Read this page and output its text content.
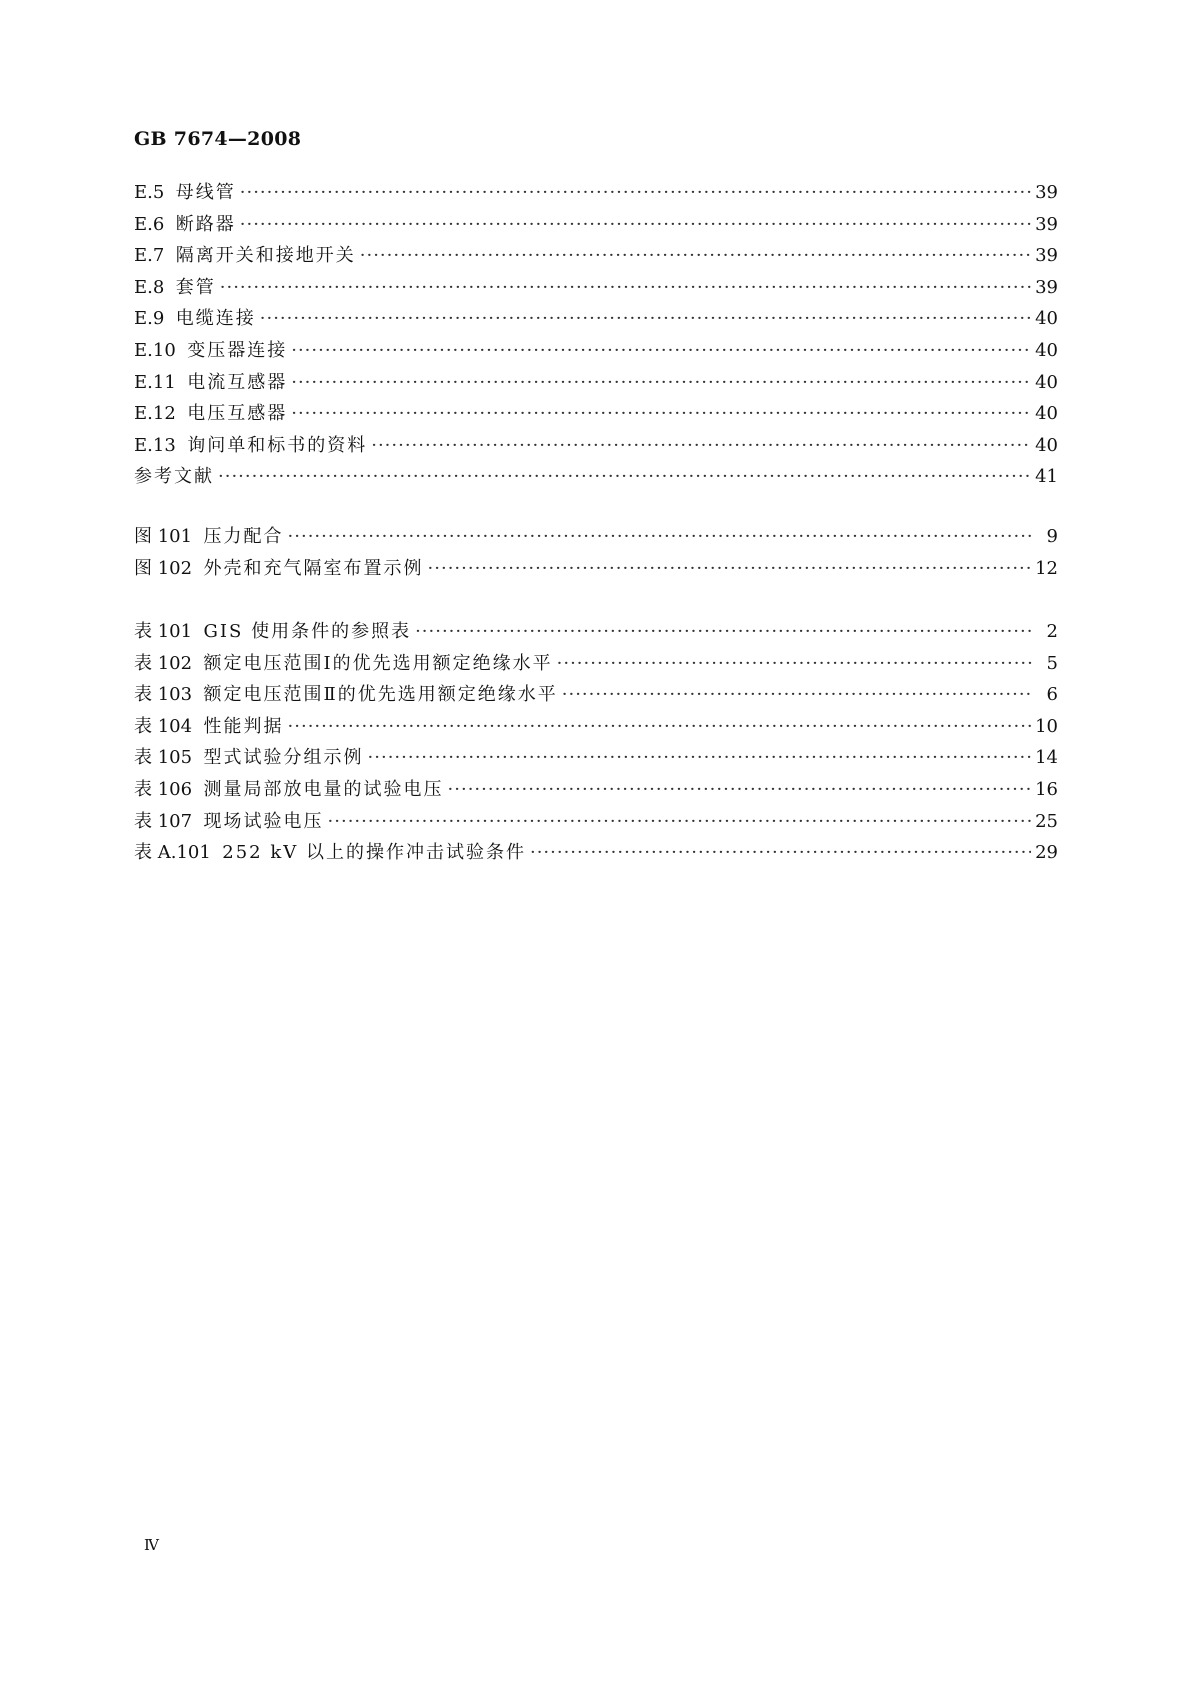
GB 7674—2008
E.5 母线管 ·····	39
E.6 断路器 ·····	39
E.7 隔离开关和接地开关 ·····	39
E.8 套管 ·····	39
E.9 电缆连接 ·····	40
E.10 变压器连接 ·····	40
E.11 电流互感器 ·····	40
E.12 电压互感器 ·····	40
E.13 询问单和标书的资料 ·····	40
参考文献 ·····	41
图 101 压力配合 ·····	9
图 102 外壳和充气隔室布置示例 ·····	12
表 101 GIS 使用条件的参照表 ·····	2
表 102 额定电压范围Ⅰ的优先选用额定绝缘水平 ·····	5
表 103 额定电压范围Ⅱ的优先选用额定绝缘水平 ·····	6
表 104 性能判据 ·····	10
表 105 型式试验分组示例 ·····	14
表 106 测量局部放电量的试验电压 ·····	16
表 107 现场试验电压 ·····	25
表 A.101 252 kV 以上的操作冲击试验条件 ·····	29
Ⅳ
